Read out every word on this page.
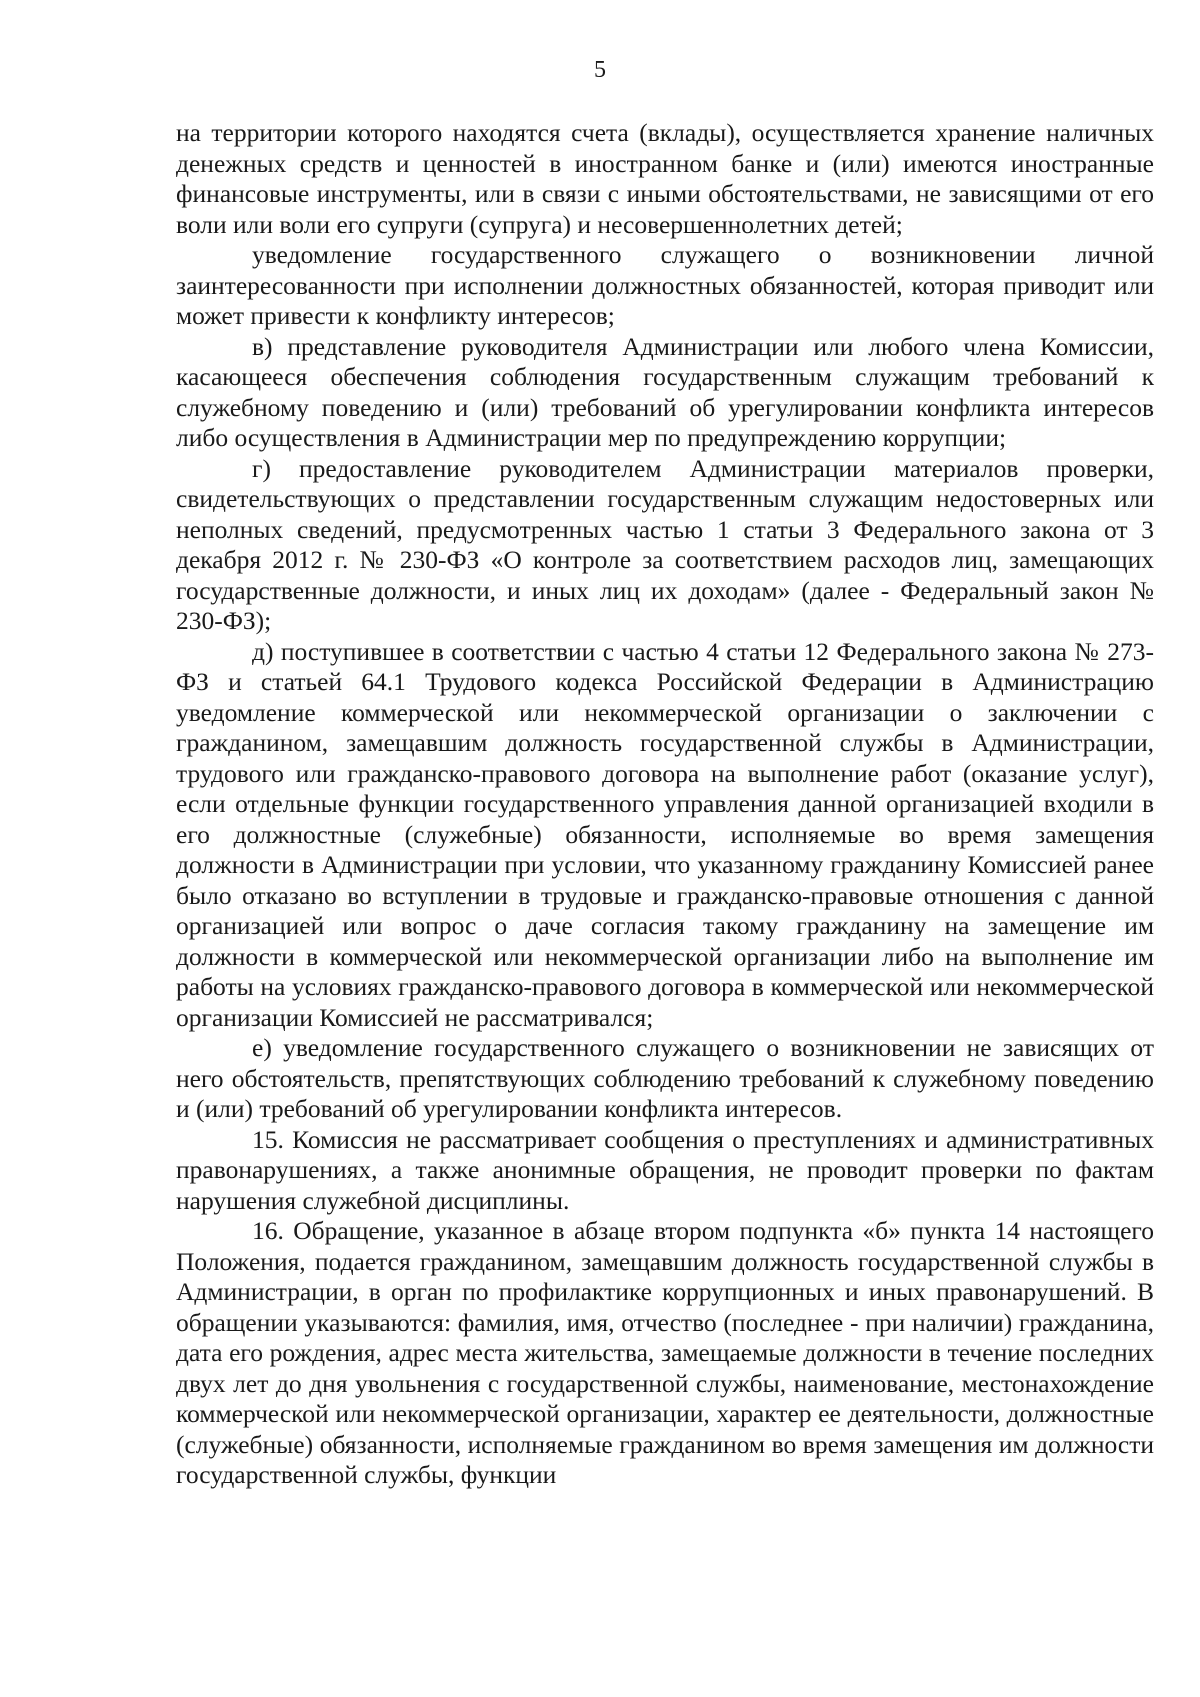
5

на территории которого находятся счета (вклады), осуществляется хранение наличных денежных средств и ценностей в иностранном банке и (или) имеются иностранные финансовые инструменты, или в связи с иными обстоятельствами, не зависящими от его воли или воли его супруги (супруга) и несовершеннолетних детей;

уведомление государственного служащего о возникновении личной заинтересованности при исполнении должностных обязанностей, которая приводит или может привести к конфликту интересов;

в) представление руководителя Администрации или любого члена Комиссии, касающееся обеспечения соблюдения государственным служащим требований к служебному поведению и (или) требований об урегулировании конфликта интересов либо осуществления в Администрации мер по предупреждению коррупции;

г) предоставление руководителем Администрации материалов проверки, свидетельствующих о представлении государственным служащим недостоверных или неполных сведений, предусмотренных частью 1 статьи 3 Федерального закона от 3 декабря 2012 г. № 230-ФЗ «О контроле за соответствием расходов лиц, замещающих государственные должности, и иных лиц их доходам» (далее - Федеральный закон № 230-ФЗ);

д) поступившее в соответствии с частью 4 статьи 12 Федерального закона № 273-ФЗ и статьей 64.1 Трудового кодекса Российской Федерации в Администрацию уведомление коммерческой или некоммерческой организации о заключении с гражданином, замещавшим должность государственной службы в Администрации, трудового или гражданско-правового договора на выполнение работ (оказание услуг), если отдельные функции государственного управления данной организацией входили в его должностные (служебные) обязанности, исполняемые во время замещения должности в Администрации при условии, что указанному гражданину Комиссией ранее было отказано во вступлении в трудовые и гражданско-правовые отношения с данной организацией или вопрос о даче согласия такому гражданину на замещение им должности в коммерческой или некоммерческой организации либо на выполнение им работы на условиях гражданско-правового договора в коммерческой или некоммерческой организации Комиссией не рассматривался;

е) уведомление государственного служащего о возникновении не зависящих от него обстоятельств, препятствующих соблюдению требований к служебному поведению и (или) требований об урегулировании конфликта интересов.

15. Комиссия не рассматривает сообщения о преступлениях и административных правонарушениях, а также анонимные обращения, не проводит проверки по фактам нарушения служебной дисциплины.

16. Обращение, указанное в абзаце втором подпункта «б» пункта 14 настоящего Положения, подается гражданином, замещавшим должность государственной службы в Администрации, в орган по профилактике коррупционных и иных правонарушений. В обращении указываются: фамилия, имя, отчество (последнее - при наличии) гражданина, дата его рождения, адрес места жительства, замещаемые должности в течение последних двух лет до дня увольнения с государственной службы, наименование, местонахождение коммерческой или некоммерческой организации, характер ее деятельности, должностные (служебные) обязанности, исполняемые гражданином во время замещения им должности государственной службы, функции
